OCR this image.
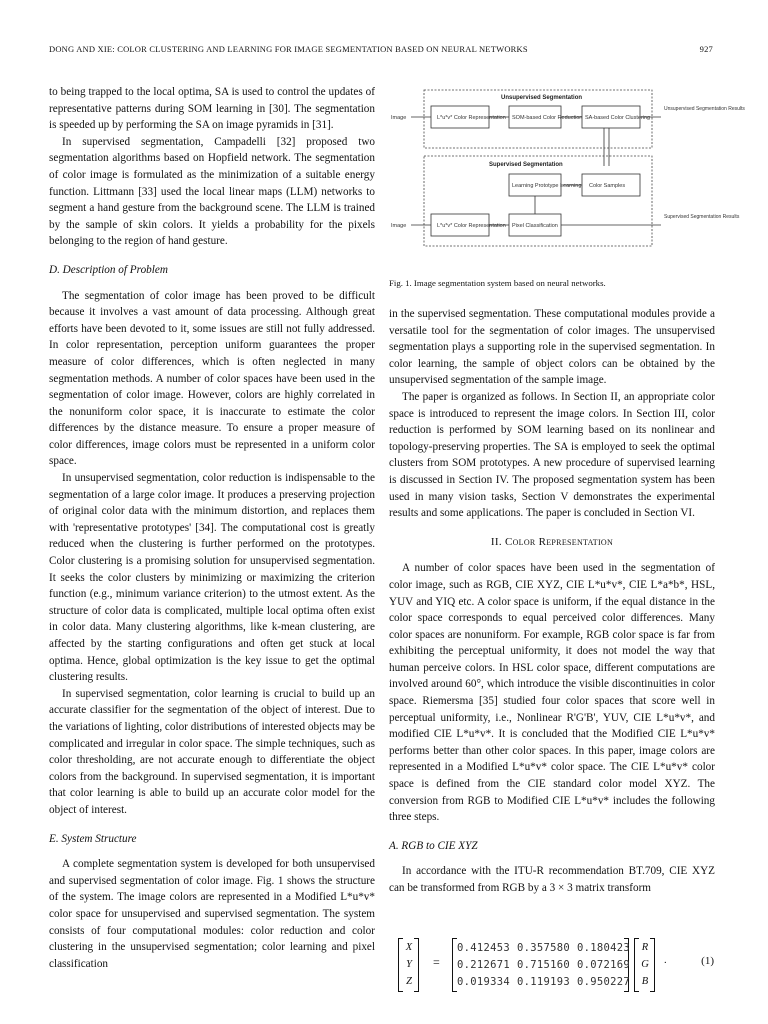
DONG AND XIE: COLOR CLUSTERING AND LEARNING FOR IMAGE SEGMENTATION BASED ON NEURAL NETWORKS	927

to being trapped to the local optima, SA is used to control the updates of representative patterns during SOM learning in [30]. The segmentation is speeded up by performing the SA on image pyramids in [31].

In supervised segmentation, Campadelli [32] proposed two segmentation algorithms based on Hopfield network. The segmentation of color image is formulated as the minimization of a suitable energy function. Littmann [33] used the local linear maps (LLM) networks to segment a hand gesture from the background scene. The LLM is trained by the sample of skin colors. It yields a probability for the pixels belonging to the region of hand gesture.

D. Description of Problem

The segmentation of color image has been proved to be difficult because it involves a vast amount of data processing. Although great efforts have been devoted to it, some issues are still not fully addressed. In color representation, perception uniform guarantees the proper measure of color differences, which is often neglected in many segmentation methods. A number of color spaces have been used in the segmentation of color image. However, colors are highly correlated in the nonuniform color space, it is inaccurate to estimate the color differences by the distance measure. To ensure a proper measure of color differences, image colors must be represented in a uniform color space.

In unsupervised segmentation, color reduction is indispensable to the segmentation of a large color image. It produces a preserving projection of original color data with the minimum distortion, and replaces them with 'representative prototypes' [34]. The computational cost is greatly reduced when the clustering is further performed on the prototypes. Color clustering is a promising solution for unsupervised segmentation. It seeks the color clusters by minimizing or maximizing the criterion function (e.g., minimum variance criterion) to the utmost extent. As the structure of color data is complicated, multiple local optima often exist in color data. Many clustering algorithms, like k-mean clustering, are affected by the starting configurations and often get stuck at local optima. Hence, global optimization is the key issue to get the optimal clustering results.

In supervised segmentation, color learning is crucial to build up an accurate classifier for the segmentation of the object of interest. Due to the variations of lighting, color distributions of interested objects may be complicated and irregular in color space. The simple techniques, such as color thresholding, are not accurate enough to differentiate the object colors from the background. In supervised segmentation, it is important that color learning is able to build up an accurate color model for the object of interest.

E. System Structure

A complete segmentation system is developed for both unsupervised and supervised segmentation of color image. Fig. 1 shows the structure of the system. The image colors are represented in a Modified L*u*v* color space for unsupervised and supervised segmentation. The system consists of four computational modules: color reduction and color clustering in the unsupervised segmentation; color learning and pixel classification

Unsupervised Segmentation
L*u*v* Color Representation SOM-based Color Reduction SA-based Color Clustering
Image
Unsupervised Segmentation Results
Supervised Segmentation
Learning Prototype Learning Color Samples
L*u*v* Color Representation Pixel Classification
Image
Supervised Segmentation Results
Fig. 1. Image segmentation system based on neural networks.

in the supervised segmentation. These computational modules provide a versatile tool for the segmentation of color images. The unsupervised segmentation plays a supporting role in the supervised segmentation. In color learning, the sample of object colors can be obtained by the unsupervised segmentation of the sample image.

The paper is organized as follows. In Section II, an appropriate color space is introduced to represent the image colors. In Section III, color reduction is performed by SOM learning based on its nonlinear and topology-preserving properties. The SA is employed to seek the optimal clusters from SOM prototypes. A new procedure of supervised learning is discussed in Section IV. The proposed segmentation system has been used in many vision tasks, Section V demonstrates the experimental results and some applications. The paper is concluded in Section VI.

II. Color Representation

A number of color spaces have been used in the segmentation of color image, such as RGB, CIE XYZ, CIE L*u*v*, CIE L*a*b*, HSL, YUV and YIQ etc. A color space is uniform, if the equal distance in the color space corresponds to equal perceived color differences. Many color spaces are nonuniform. For example, RGB color space is far from exhibiting the perceptual uniformity, it does not model the way that human perceive colors. In HSL color space, different computations are involved around 60°, which introduce the visible discontinuities in color space. Riemersma [35] studied four color spaces that score well in perceptual uniformity, i.e., Nonlinear R'G'B', YUV, CIE L*u*v*, and modified CIE L*u*v*. It is concluded that the Modified CIE L*u*v* performs better than other color spaces. In this paper, image colors are represented in a Modified L*u*v* color space. The CIE L*u*v* color space is defined from the CIE standard color model XYZ. The conversion from RGB to Modified CIE L*u*v* includes the following three steps.

A. RGB to CIE XYZ

In accordance with the ITU-R recommendation BT.709, CIE XYZ can be transformed from RGB by a 3 × 3 matrix transform

X
Y
Z
=
0.412453 0.357580 0.180423
0.212671 0.715160 0.072169
0.019334 0.119193 0.950227
R
G
B
.	(1)
